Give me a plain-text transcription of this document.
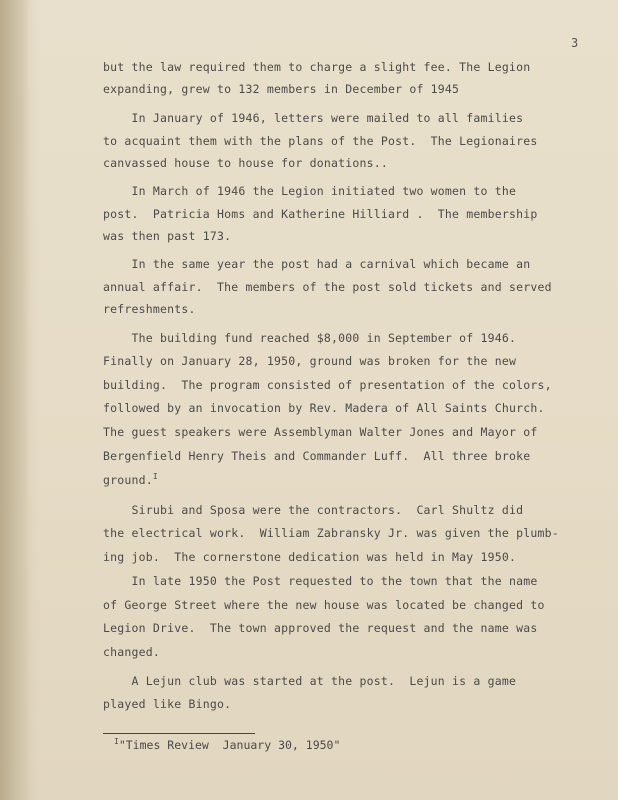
3
but the law required them to charge a slight fee. The Legion
expanding, grew to 132 members in December of 1945
In January of 1946, letters were mailed to all families
to acquaint them with the plans of the Post.  The Legionaires
canvassed house to house for donations..
In March of 1946 the Legion initiated two women to the
post.  Patricia Homs and Katherine Hilliard .  The membership
was then past 173.
In the same year the post had a carnival which became an
annual affair.  The members of the post sold tickets and served
refreshments.
The building fund reached $8,000 in September of 1946.
Finally on January 28, 1950, ground was broken for the new
building.  The program consisted of presentation of the colors,
followed by an invocation by Rev. Madera of All Saints Church.
The guest speakers were Assemblyman Walter Jones and Mayor of
Bergenfield Henry Theis and Commander Luff.  All three broke
ground.$^I$
Sirubi and Sposa were the contractors.  Carl Shultz did
the electrical work.  William Zabransky Jr. was given the plumb-
ing job.  The cornerstone dedication was held in May 1950.
In late 1950 the Post requested to the town that the name
of George Street where the new house was located be changed to
Legion Drive.  The town approved the request and the name was
changed.
A Lejun club was started at the post.  Lejun is a game
played like Bingo.
$^I$"Times Review  January 30, 1950"
